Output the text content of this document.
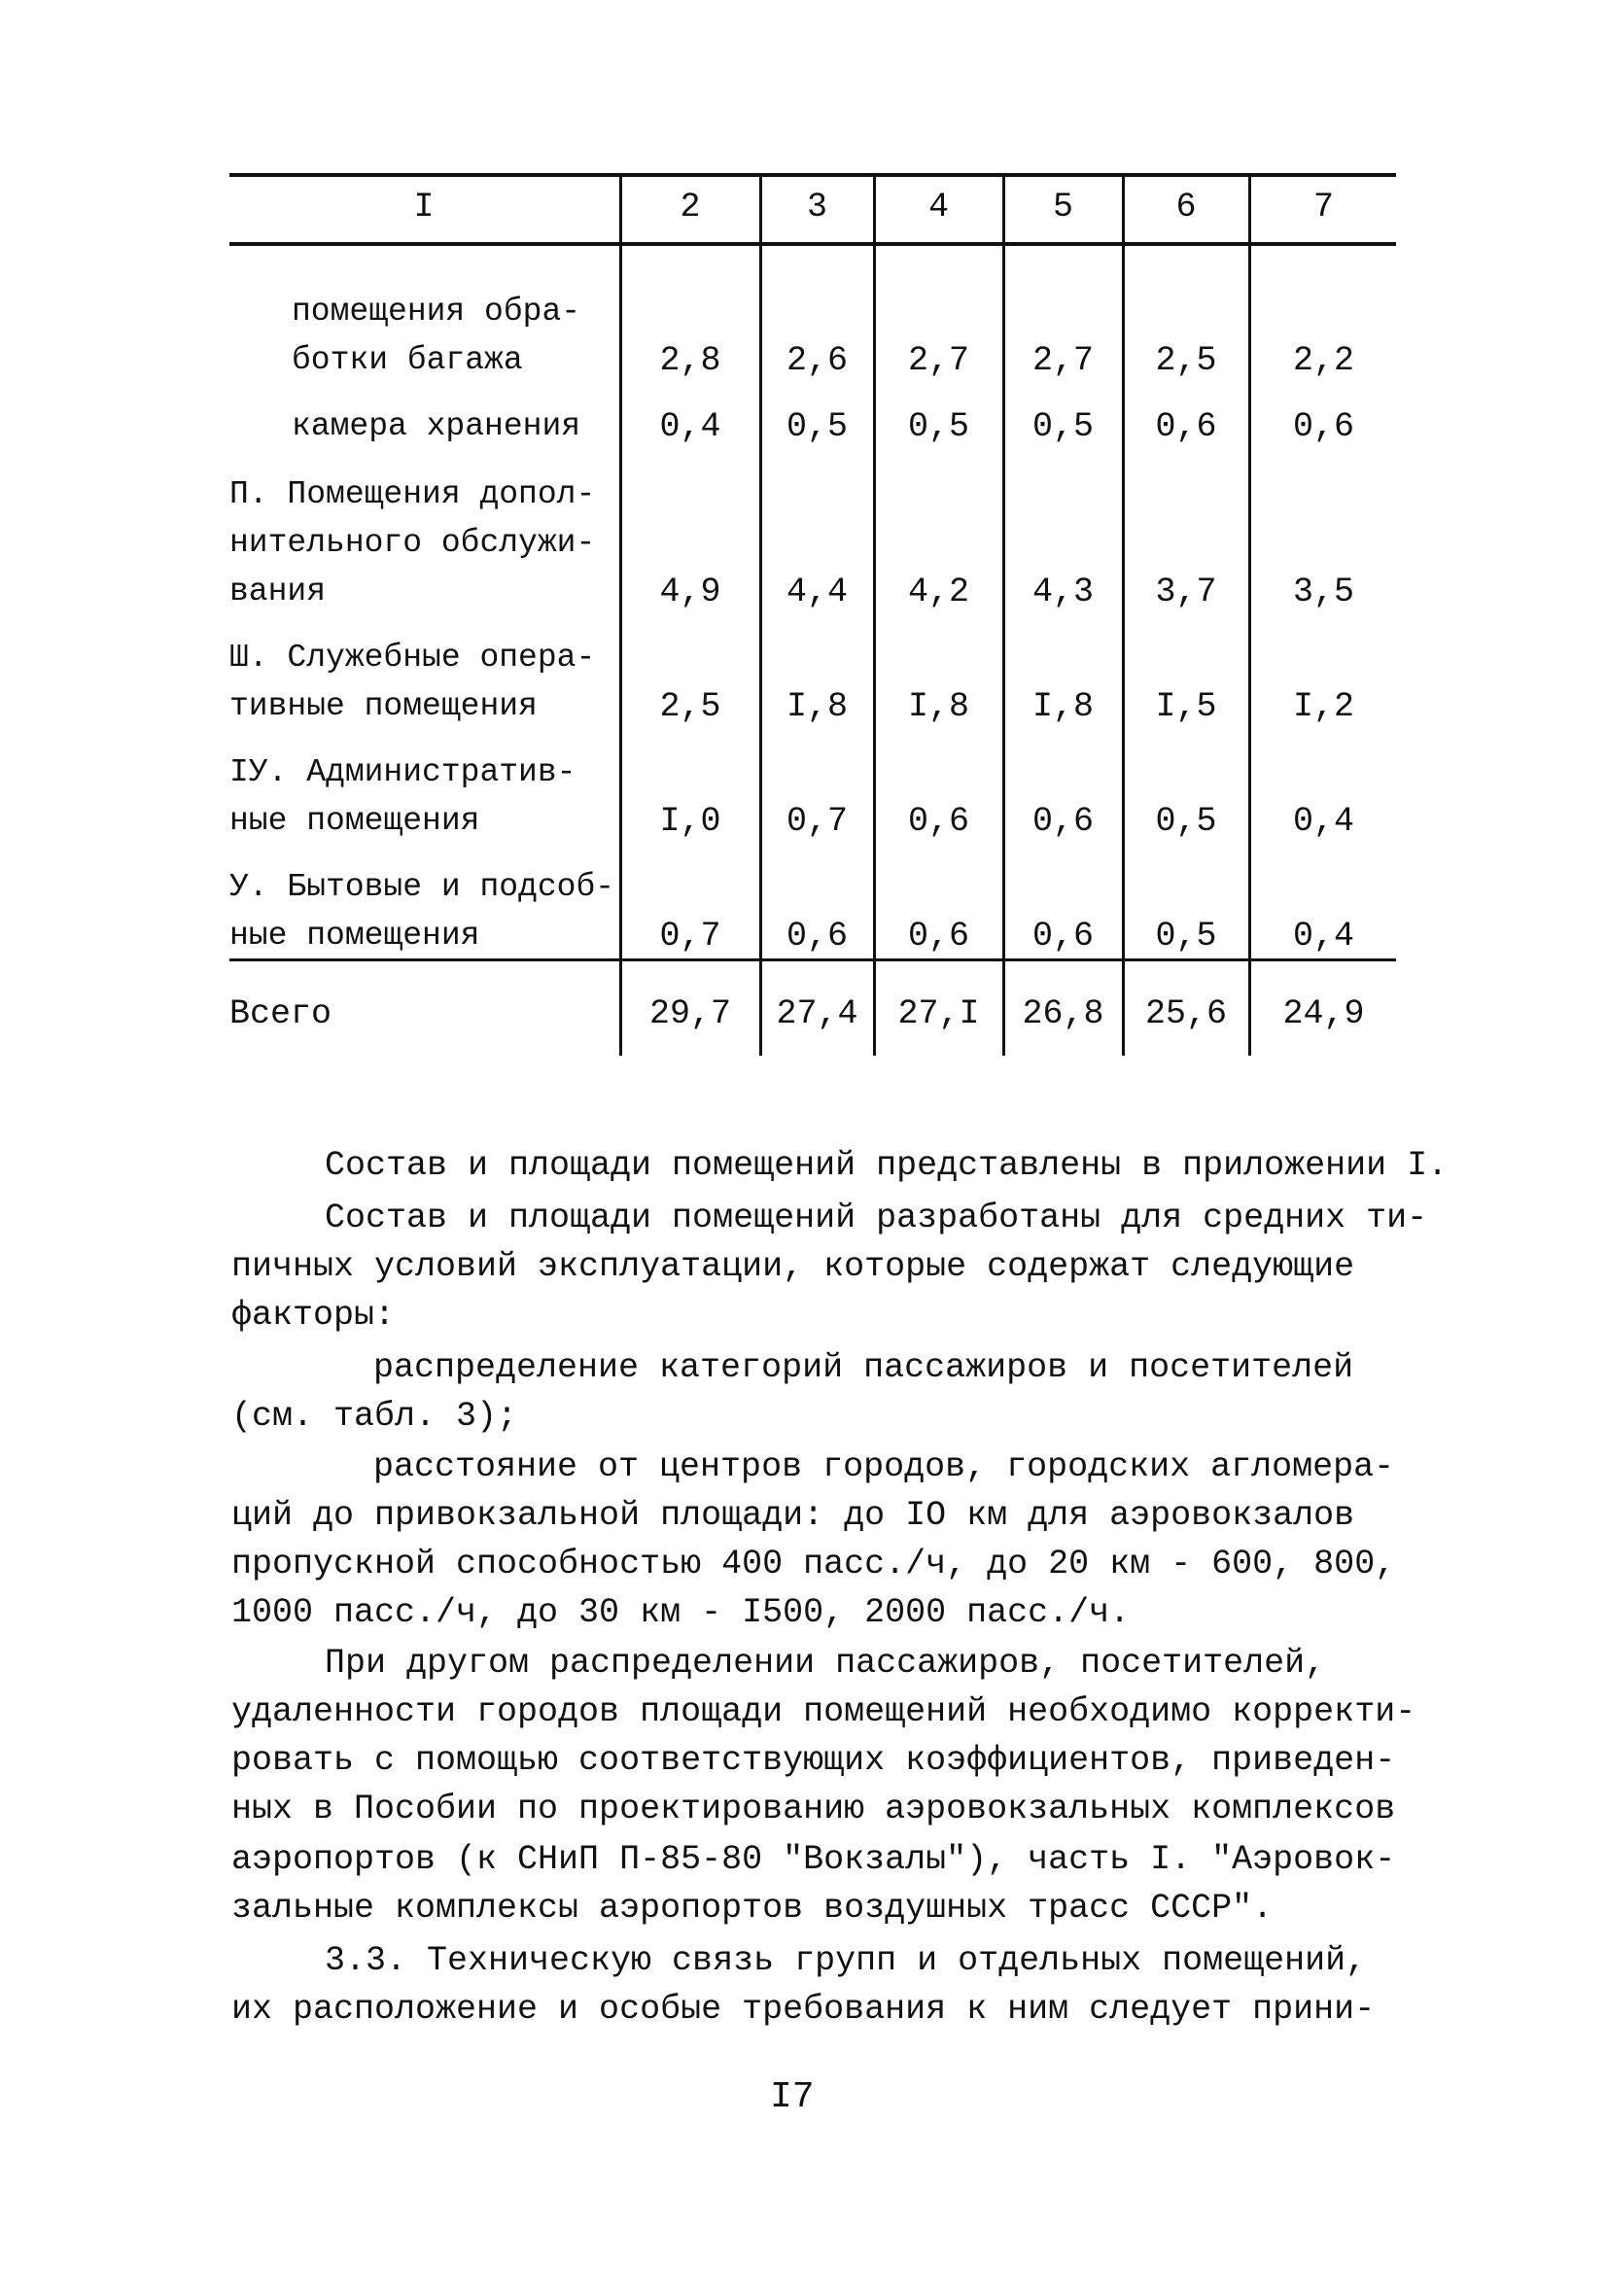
I	2	3	4	5	6	7
помещения обра-
ботки багажа	2,8	2,6	2,7	2,7	2,5	2,2
камера хранения	0,4	0,5	0,5	0,5	0,6	0,6
П. Помещения допол-
нительного обслужи-
вания	4,9	4,4	4,2	4,3	3,7	3,5
Ш. Служебные опера-
тивные помещения	2,5	I,8	I,8	I,8	I,5	I,2
IУ. Административ-
ные помещения	I,0	0,7	0,6	0,6	0,5	0,4
У. Бытовые и подсоб-
ные помещения	0,7	0,6	0,6	0,6	0,5	0,4
Всего	29,7	27,4	27,I	26,8	25,6	24,9
Состав и площади помещений представлены в приложении I.
Состав и площади помещений разработаны для средних ти-
пичных условий эксплуатации, которые содержат следующие
факторы:
распределение категорий пассажиров и посетителей
(см. табл. 3);
расстояние от центров городов, городских агломера-
ций до привокзальной площади: до IO км для аэровокзалов
пропускной способностью 400 пасс./ч, до 20 км - 600, 800,
1000 пасс./ч, до 30 км - I500, 2000 пасс./ч.
При другом распределении пассажиров, посетителей,
удаленности городов площади помещений необходимо корректи-
ровать с помощью соответствующих коэффициентов, приведен-
ных в Пособии по проектированию аэровокзальных комплексов
аэропортов (к СНиП П-85-80 "Вокзалы"), часть I. "Аэровок-
зальные комплексы аэропортов воздушных трасс СССР".
3.3. Техническую связь групп и отдельных помещений,
их расположение и особые требования к ним следует прини-
I7
